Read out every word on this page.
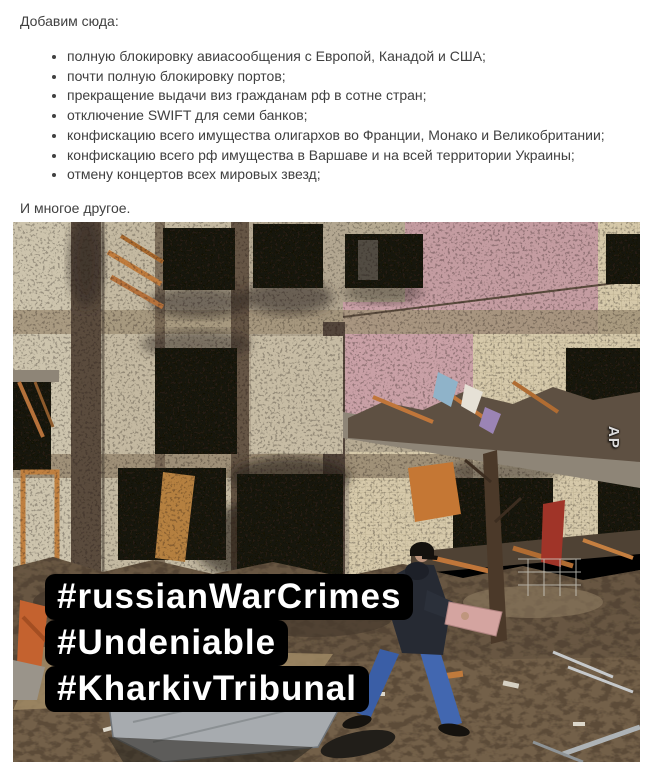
Добавим сюда:

• полную блокировку авиасообщения с Европой, Канадой и США;
• почти полную блокировку портов;
• прекращение выдачи виз гражданам рф в сотне стран;
• отключение SWIFT для семи банков;
• конфискацию всего имущества олигархов во Франции, Монако и Великобритании;
• конфискацию всего рф имущества в Варшаве и на всей территории Украины;
• отмену концертов всех мировых звезд;

И многое другое.

#russianWarCrimes
#Undeniable
#KharkivTribunal
AP
